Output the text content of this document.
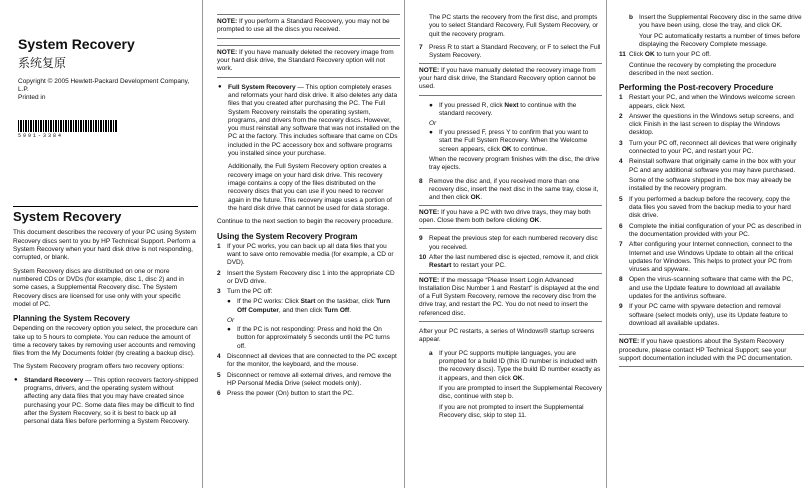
System Recovery
系统复原
Copyright © 2005 Hewlett-Packard Development Company, L.P.
Printed in
5991-3384
System Recovery

This document describes the recovery of your PC using System Recovery discs sent to you by HP Technical Support. Perform a System Recovery when your hard disk drive is not responding, corrupted, or blank.

System Recovery discs are distributed on one or more numbered CDs or DVDs (for example, disc 1, disc 2) and in some cases, a Supplemental Recovery disc. The System Recovery discs are licensed for use only with your specific model of PC.

Planning the System Recovery

Depending on the recovery option you select, the procedure can take up to 5 hours to complete. You can reduce the amount of time a recovery takes by removing user accounts and removing files from the My Documents folder (by creating a backup disc).

The System Recovery program offers two recovery options:

● Standard Recovery — This option recovers factory-shipped programs, drivers, and the operating system without affecting any data files that you may have created since purchasing your PC. Some data files may be difficult to find after the System Recovery, so it is best to back up all personal data files before performing a System Recovery.
NOTE: If you perform a Standard Recovery, you may not be prompted to use all the discs you received.
NOTE: If you have manually deleted the recovery image from your hard disk drive, the Standard Recovery option will not work.
● Full System Recovery — This option completely erases and reformats your hard disk drive. It also deletes any data files that you created after purchasing the PC. The Full System Recovery reinstalls the operating system, programs, and drivers from the recovery discs. However, you must reinstall any software that was not installed on the PC at the factory. This includes software that came on CDs included in the PC accessory box and software programs you installed since your purchase.

Additionally, the Full System Recovery option creates a recovery image on your hard disk drive. This recovery image contains a copy of the files distributed on the recovery discs that you can use if you need to recover again in the future. This recovery image uses a portion of the hard disk drive that cannot be used for data storage.

Continue to the next section to begin the recovery procedure.

Using the System Recovery Program
1 If your PC works, you can back up all data files that you want to save onto removable media (for example, a CD or DVD).
2 Insert the System Recovery disc 1 into the appropriate CD or DVD drive.
3 Turn the PC off:
● If the PC works: Click Start on the taskbar, click Turn Off Computer, and then click Turn Off.
Or
● If the PC is not responding: Press and hold the On button for approximately 5 seconds until the PC turns off.
4 Disconnect all devices that are connected to the PC except for the monitor, the keyboard, and the mouse.
5 Disconnect or remove all external drives, and remove the HP Personal Media Drive (select models only).
6 Press the power (On) button to start the PC.

The PC starts the recovery from the first disc, and prompts you to select Standard Recovery, Full System Recovery, or quit the recovery program.

7 Press R to start a Standard Recovery, or F to select the Full System Recovery.
NOTE: If you have manually deleted the recovery image from your hard disk drive, the Standard Recovery option cannot be used.
● If you pressed R, click Next to continue with the standard recovery.
Or
● If you pressed F, press Y to confirm that you want to start the Full System Recovery. When the Welcome screen appears, click OK to continue.

When the recovery program finishes with the disc, the drive tray ejects.

8 Remove the disc and, if you received more than one recovery disc, insert the next disc in the same tray, close it, and then click OK.
NOTE: If you have a PC with two drive trays, they may both open. Close them both before clicking OK.
9 Repeat the previous step for each numbered recovery disc you received.
10 After the last numbered disc is ejected, remove it, and click Restart to restart your PC.
NOTE: If the message “Please Insert Login Advanced Installation Disc Number 1 and Restart” is displayed at the end of a Full System Recovery, remove the recovery disc from the drive tray, and restart the PC. You do not need to insert the referenced disc.

After your PC restarts, a series of Windows® startup screens appear.

a If your PC supports multiple languages, you are prompted for a build ID (this ID number is included with the recovery discs). Type the build ID number exactly as it appears, and then click OK.
If you are prompted to insert the Supplemental Recovery disc, continue with step b.
If you are not prompted to insert the Supplemental Recovery disc, skip to step 11.
b Insert the Supplemental Recovery disc in the same drive you have been using, close the tray, and click OK.
Your PC automatically restarts a number of times before displaying the Recovery Complete message.
11 Click OK to turn your PC off.

Continue the recovery by completing the procedure described in the next section.

Performing the Post-recovery Procedure
1 Restart your PC, and when the Windows welcome screen appears, click Next.
2 Answer the questions in the Windows setup screens, and click Finish in the last screen to display the Windows desktop.
3 Turn your PC off, reconnect all devices that were originally connected to your PC, and restart your PC.
4 Reinstall software that originally came in the box with your PC and any additional software you may have purchased.
Some of the software shipped in the box may already be installed by the recovery program.
5 If you performed a backup before the recovery, copy the data files you saved from the backup media to your hard disk drive.
6 Complete the initial configuration of your PC as described in the documentation provided with your PC.
7 After configuring your Internet connection, connect to the Internet and use Windows Update to obtain all the critical updates for Windows. This helps to protect your PC from viruses and spyware.
8 Open the virus-scanning software that came with the PC, and use the Update feature to download all available updates for the antivirus software.
9 If your PC came with spyware detection and removal software (select models only), use its Update feature to download all available updates.
NOTE: If you have questions about the System Recovery procedure, please contact HP Technical Support; see your support documentation included with the PC documentation.
